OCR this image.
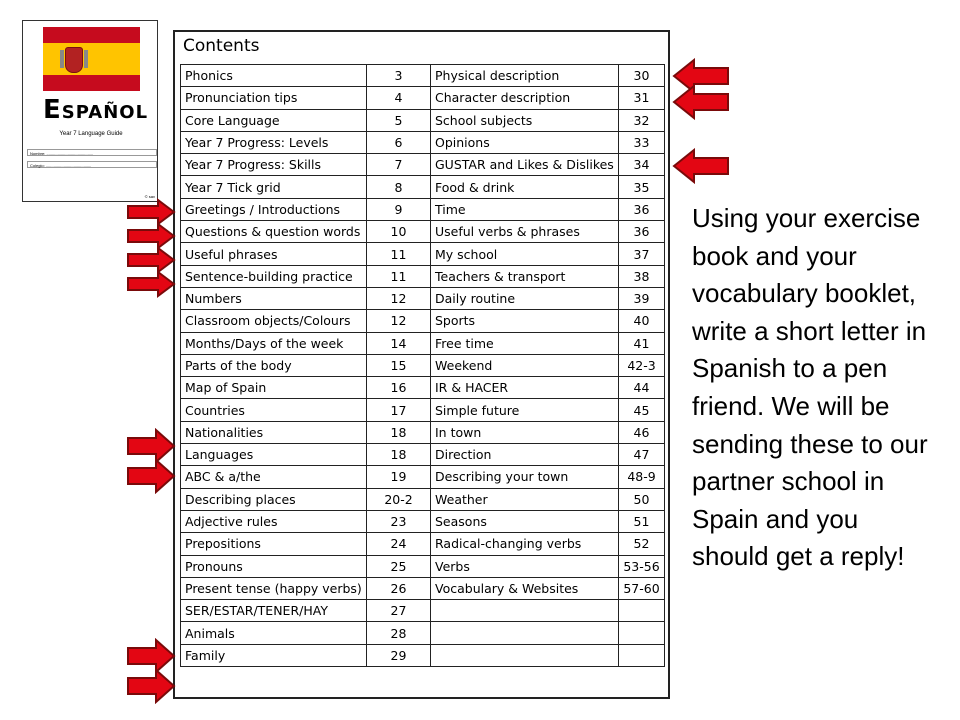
ESPAÑOL
Year 7 Language Guide
Nombre: ..........................................
Colegio: .........................................
© sav
Contents
Phonics	3	Physical description	30
Pronunciation tips	4	Character description	31
Core Language	5	School subjects	32
Year 7 Progress: Levels	6	Opinions	33
Year 7 Progress: Skills	7	GUSTAR and Likes & Dislikes	34
Year 7 Tick grid	8	Food & drink	35
Greetings / Introductions	9	Time	36
Questions & question words	10	Useful verbs & phrases	36
Useful phrases	11	My school	37
Sentence-building practice	11	Teachers & transport	38
Numbers	12	Daily routine	39
Classroom objects/Colours	12	Sports	40
Months/Days of the week	14	Free time	41
Parts of the body	15	Weekend	42-3
Map of Spain	16	IR & HACER	44
Countries	17	Simple future	45
Nationalities	18	In town	46
Languages	18	Direction	47
ABC & a/the	19	Describing your town	48-9
Describing places	20-2	Weather	50
Adjective rules	23	Seasons	51
Prepositions	24	Radical-changing verbs	52
Pronouns	25	Verbs	53-56
Present tense (happy verbs)	26	Vocabulary & Websites	57-60
SER/ESTAR/TENER/HAY	27		
Animals	28		
Family	29		
Using your exercise book and your vocabulary booklet, write a short letter in Spanish to a pen friend. We will be sending these to our partner school in Spain and you should get a reply!
